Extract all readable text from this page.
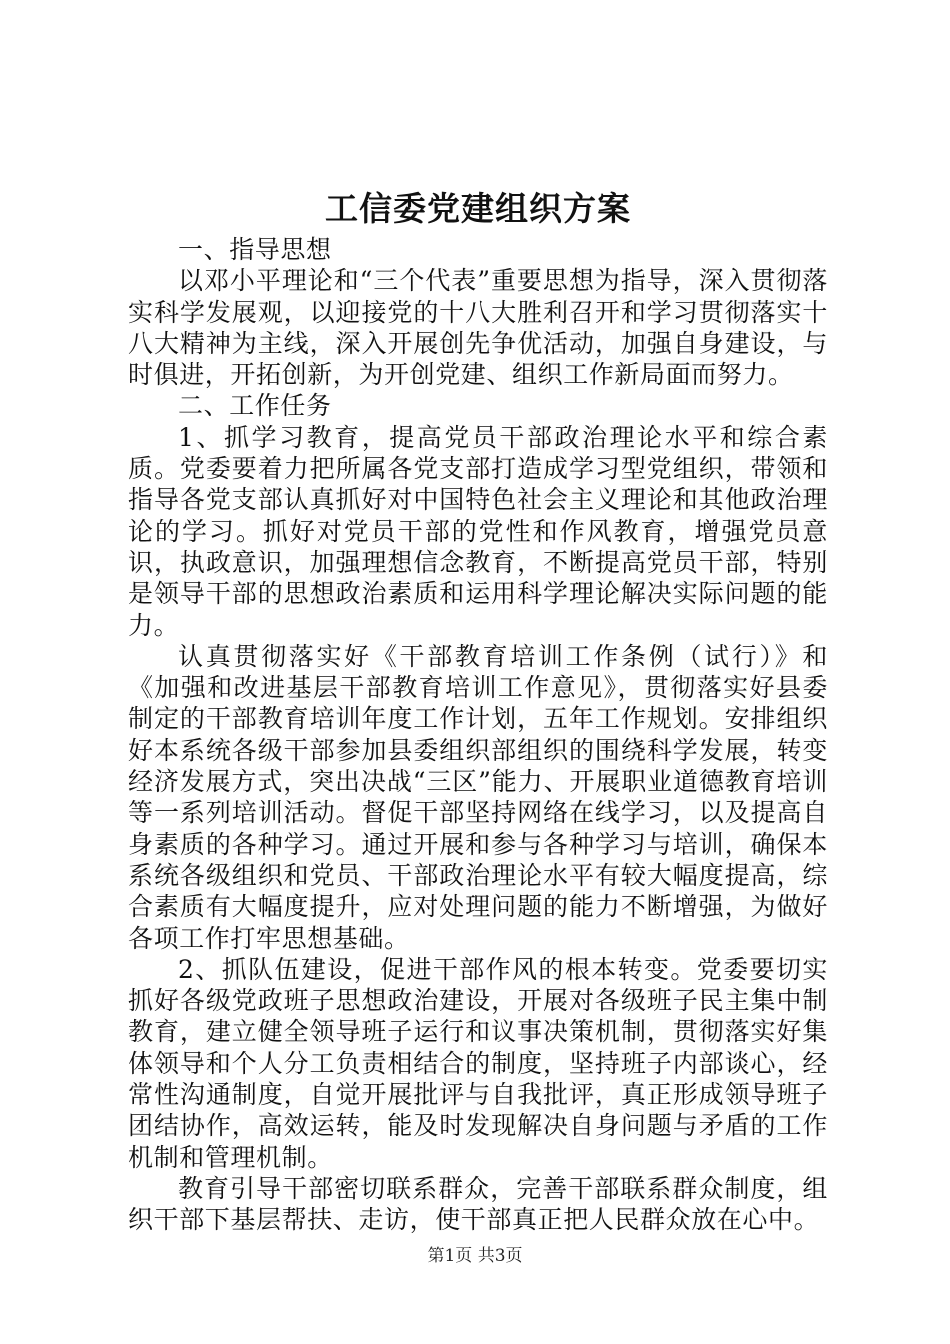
工信委党建组织方案

一、指导思想

以邓小平理论和“三个代表”重要思想为指导，深入贯彻落实科学发展观，以迎接党的十八大胜利召开和学习贯彻落实十八大精神为主线，深入开展创先争优活动，加强自身建设，与时俱进，开拓创新，为开创党建、组织工作新局面而努力。

二、工作任务

1、抓学习教育，提高党员干部政治理论水平和综合素质。党委要着力把所属各党支部打造成学习型党组织，带领和指导各党支部认真抓好对中国特色社会主义理论和其他政治理论的学习。抓好对党员干部的党性和作风教育，增强党员意识，执政意识，加强理想信念教育，不断提高党员干部，特别是领导干部的思想政治素质和运用科学理论解决实际问题的能力。

认真贯彻落实好《干部教育培训工作条例（试行）》和《加强和改进基层干部教育培训工作意见》，贯彻落实好县委制定的干部教育培训年度工作计划，五年工作规划。安排组织好本系统各级干部参加县委组织部组织的围绕科学发展，转变经济发展方式，突出决战“三区”能力、开展职业道德教育培训等一系列培训活动。督促干部坚持网络在线学习，以及提高自身素质的各种学习。通过开展和参与各种学习与培训，确保本系统各级组织和党员、干部政治理论水平有较大幅度提高，综合素质有大幅度提升，应对处理问题的能力不断增强，为做好各项工作打牢思想基础。

2、抓队伍建设，促进干部作风的根本转变。党委要切实抓好各级党政班子思想政治建设，开展对各级班子民主集中制教育，建立健全领导班子运行和议事决策机制，贯彻落实好集体领导和个人分工负责相结合的制度，坚持班子内部谈心，经常性沟通制度，自觉开展批评与自我批评，真正形成领导班子团结协作，高效运转，能及时发现解决自身问题与矛盾的工作机制和管理机制。

教育引导干部密切联系群众，完善干部联系群众制度，组织干部下基层帮扶、走访，使干部真正把人民群众放在心中。

第1页 共3页
